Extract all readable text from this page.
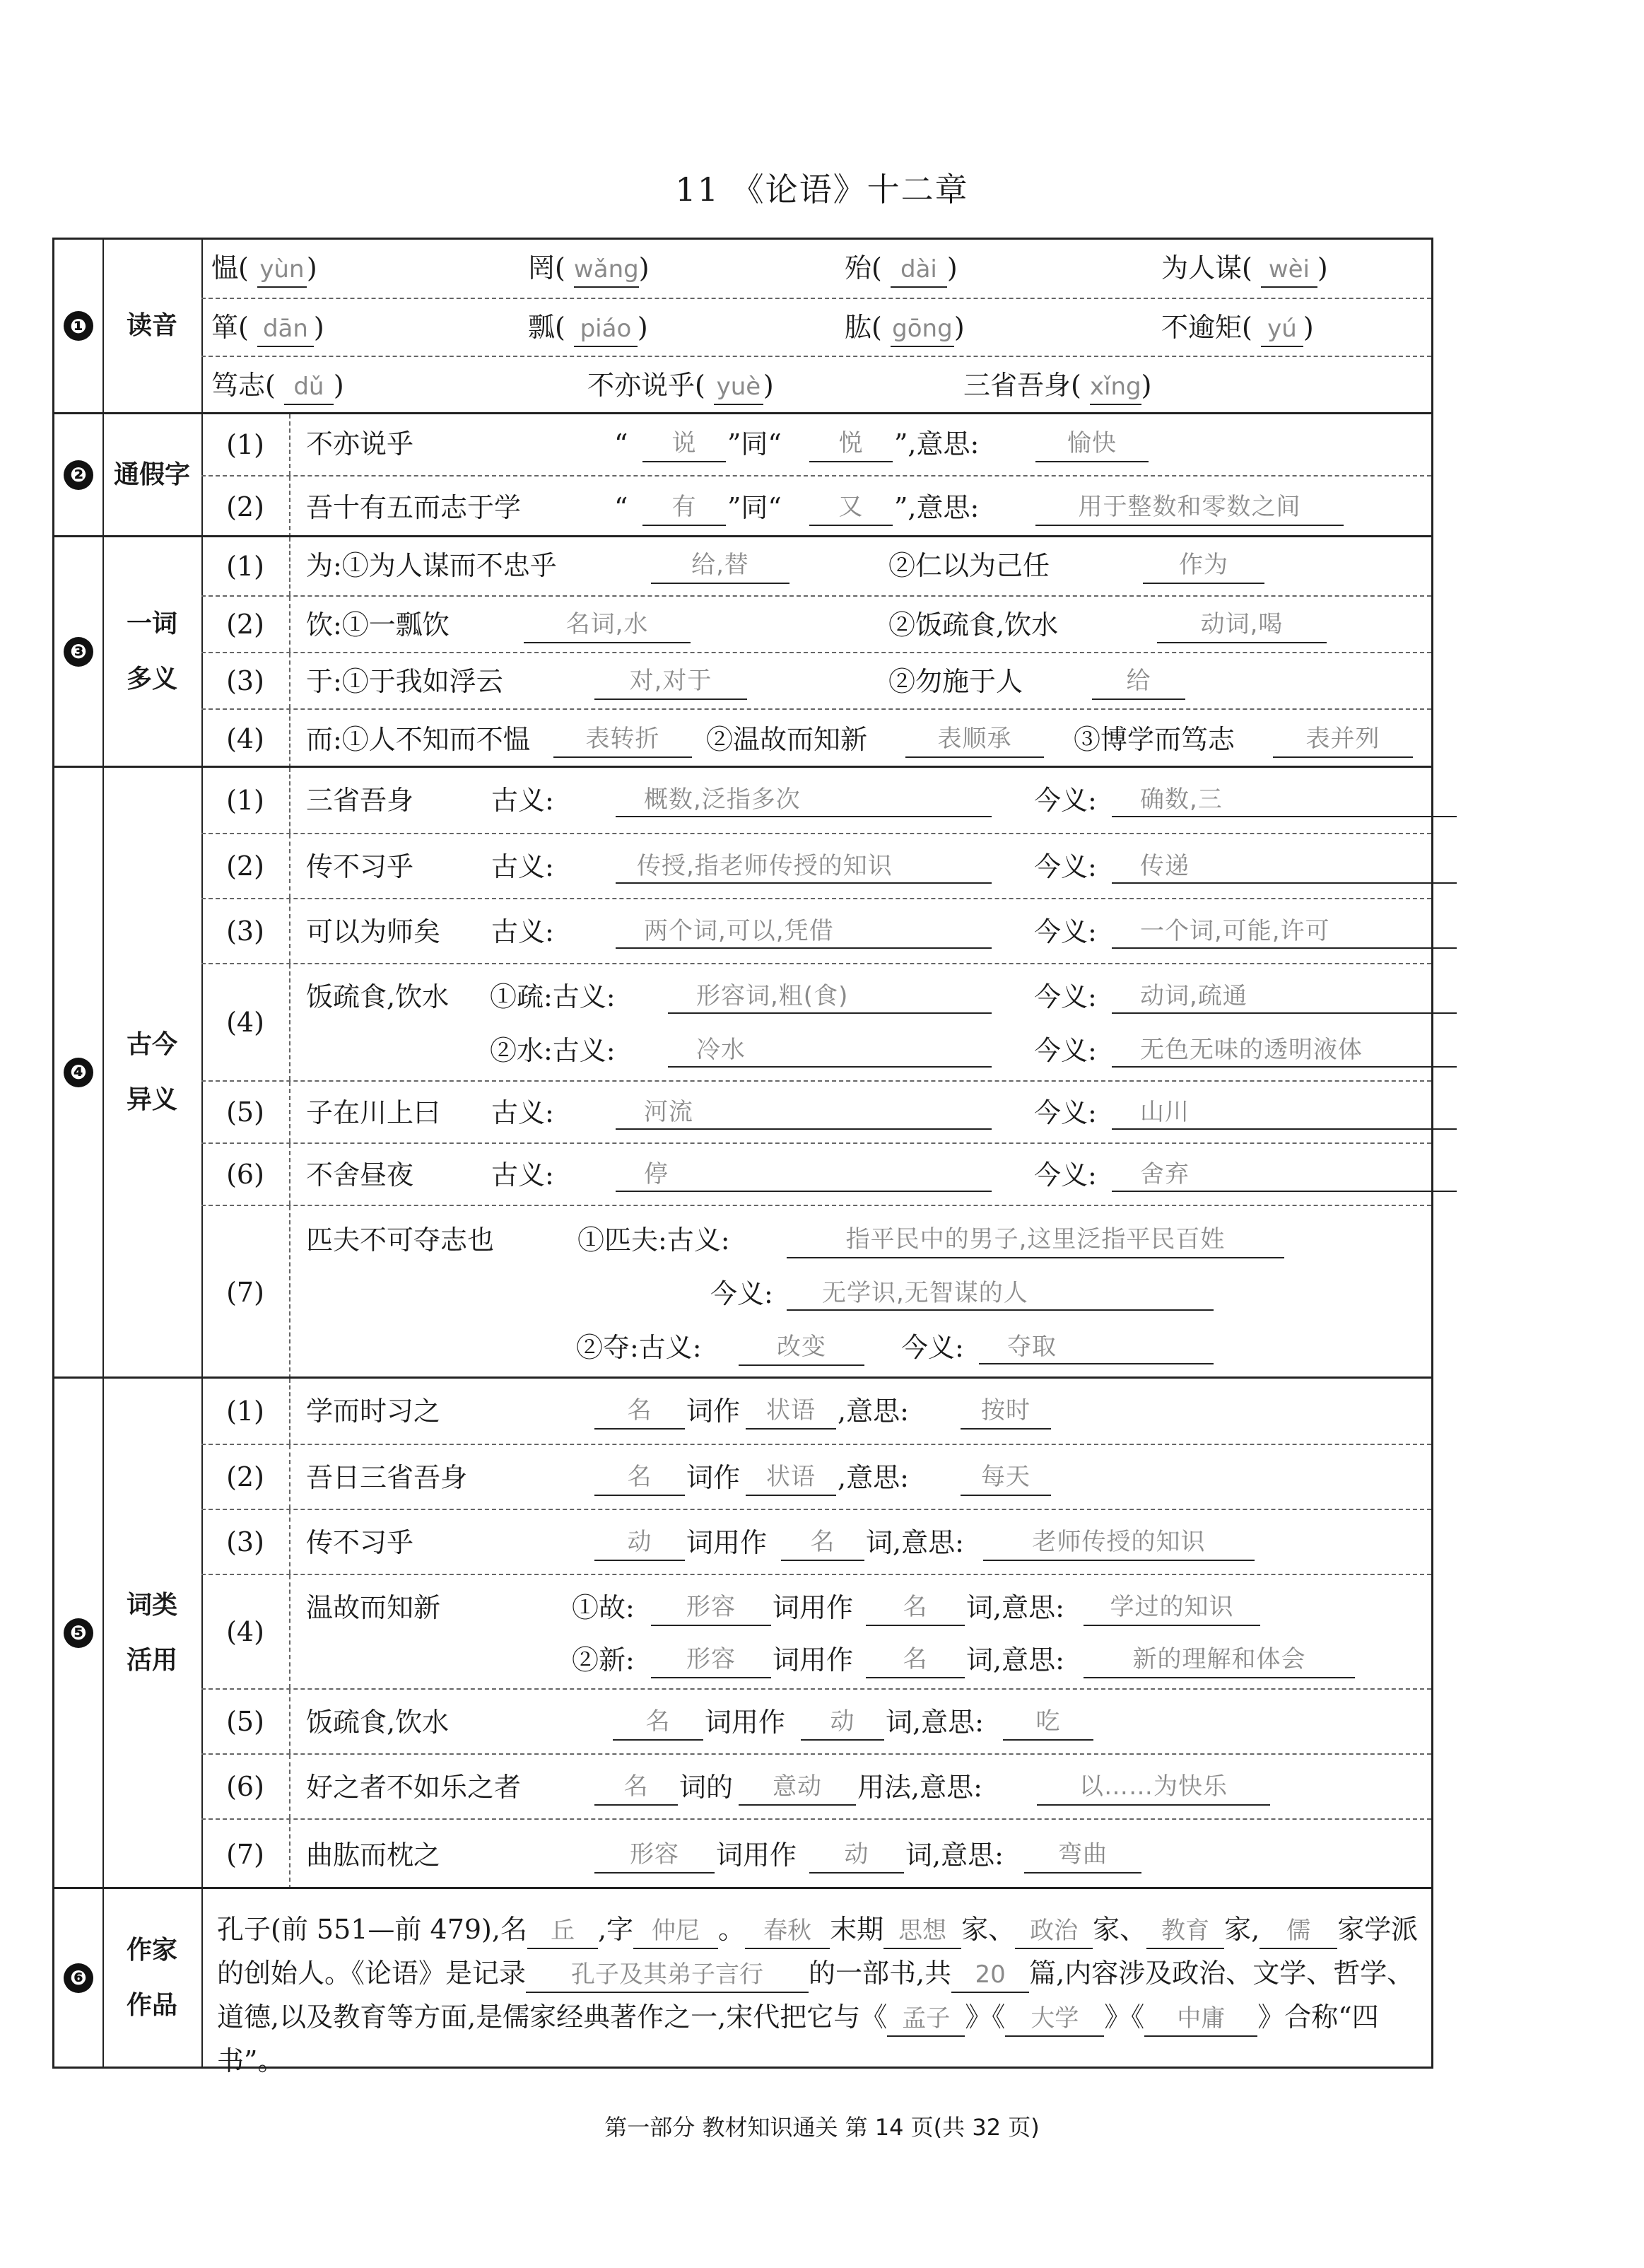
11 《论语》十二章
❶ 读音
愠( yùn)	罔( wǎng)	殆( dài )	为人谋( wèi )
箪( dān )	瓢( piáo )	肱( gōng)	不逾矩( yú )
笃志( dǔ )	不亦说乎( yuè)	三省吾身( xǐng)
❷ 通假字
(1)	不亦说乎	“	说	”同“	悦	”,意思:	愉快
(2)	吾十有五而志于学	“	有	”同“	又	”,意思:	用于整数和零数之间
❸
一词
多义
(1)	为:①为人谋而不忠乎	给,替	②仁以为己任	作为
(2)	饮:①一瓢饮	名词,水	②饭疏食,饮水	动词,喝
(3)	于:①于我如浮云	对,对于	②勿施于人	给
(4)	而:①人不知而不愠	表转折	②温故而知新	表顺承	③博学而笃志	表并列
❹
古今
异义
(1)	三省吾身	古义:	概数,泛指多次	今义:	确数,三
(2)	传不习乎	古义:	传授,指老师传授的知识	今义:	传递
(3)	可以为师矣 古义:	两个词,可以,凭借	今义:	一个词,可能,许可
(4)
饭疏食,饮水 ①疏:古义:	形容词,粗(食)	今义:	动词,疏通
②水:古义:	冷水	今义:	无色无味的透明液体
(5)	子在川上曰 古义:	河流	今义:	山川
(6)	不舍昼夜	古义:	停	今义:	舍弃
(7)
匹夫不可夺志也	①匹夫:古义:	指平民中的男子,这里泛指平民百姓
今义:	无学识,无智谋的人
②夺:古义:	改变	今义:	夺取
❺
词类
活用
(1)	学而时习之	名	词作	状语 ,意思:	按时
(2)	吾日三省吾身	名	词作	状语 ,意思:	每天
(3)	传不习乎	动	词用作	名	词,意思:	老师传授的知识
(4)
温故而知新	①故:	形容	词用作	名	词,意思:	学过的知识
②新:	形容	词用作	名	词,意思:	新的理解和体会
(5)	饭疏食,饮水	名	词用作	动	词,意思:	吃
(6)	好之者不如乐之者	名	词的	意动	用法,意思:	以……为快乐
(7)	曲肱而枕之	形容	词用作	动	词,意思:	弯曲
❻
作家
作品
孔子(前 551—前 479),名 丘 ,字 仲尼 。 春秋 末期 思想 家、 政治 家、 教育 家, 儒 家学派的创始人。《论语》是记录 孔子及其弟子言行 的一部书,共 20 篇,内容涉及政治、文学、哲学、道德,以及教育等方面,是儒家经典著作之一,宋代把它与《 孟子 》《 大学 》《 中庸 》合称“四书”。
第一部分 教材知识通关 第 14 页(共 32 页)
